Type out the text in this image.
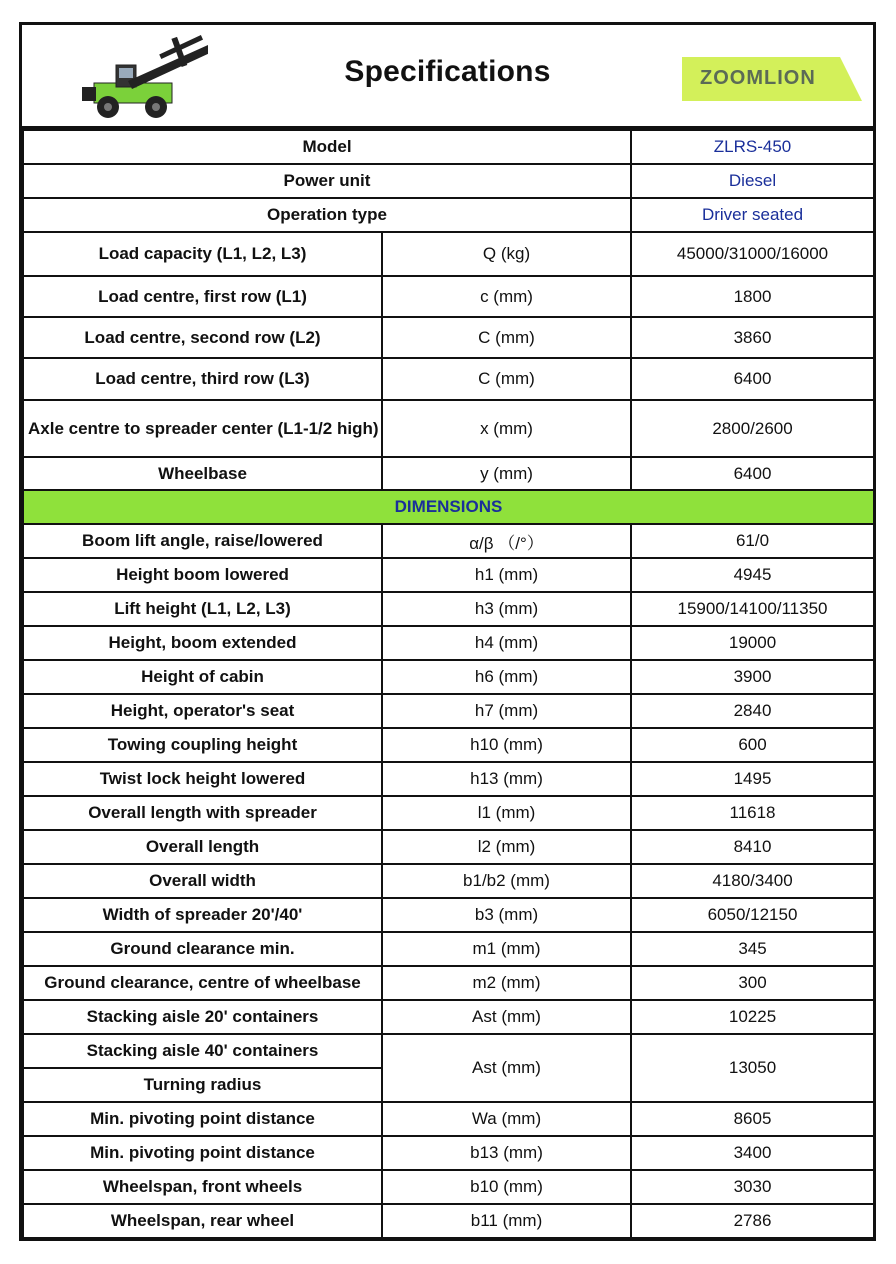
Specifications	ZOOMLION
Model		ZLRS-450
Power unit		Diesel
Operation type		Driver seated
Load capacity (L1, L2, L3)	Q (kg)	45000/31000/16000
Load centre, first row (L1)	c (mm)	1800
Load centre, second row (L2)	C (mm)	3860
Load centre, third row (L3)	C (mm)	6400
Axle centre to spreader center (L1-1/2 high)	x (mm)	2800/2600
Wheelbase	y (mm)	6400
DIMENSIONS		
Boom lift angle, raise/lowered	α/β （/°）	61/0
Height boom lowered	h1 (mm)	4945
Lift height (L1, L2, L3)	h3 (mm)	15900/14100/11350
Height, boom extended	h4 (mm)	19000
Height of cabin	h6 (mm)	3900
Height, operator's seat	h7 (mm)	2840
Towing coupling height	h10 (mm)	600
Twist lock height lowered	h13 (mm)	1495
Overall length with spreader	l1 (mm)	11618
Overall length	l2 (mm)	8410
Overall width	b1/b2 (mm)	4180/3400
Width of spreader 20'/40'	b3 (mm)	6050/12150
Ground clearance min.	m1 (mm)	345
Ground clearance, centre of wheelbase	m2 (mm)	300
Stacking aisle 20' containers	Ast (mm)	10225
Stacking aisle 40' containers	Ast (mm)	13050
Turning radius		
Min. pivoting point distance	Wa (mm)	8605
Min. pivoting point distance	b13 (mm)	3400
Wheelspan, front wheels	b10 (mm)	3030
Wheelspan, rear wheel	b11 (mm)	2786
